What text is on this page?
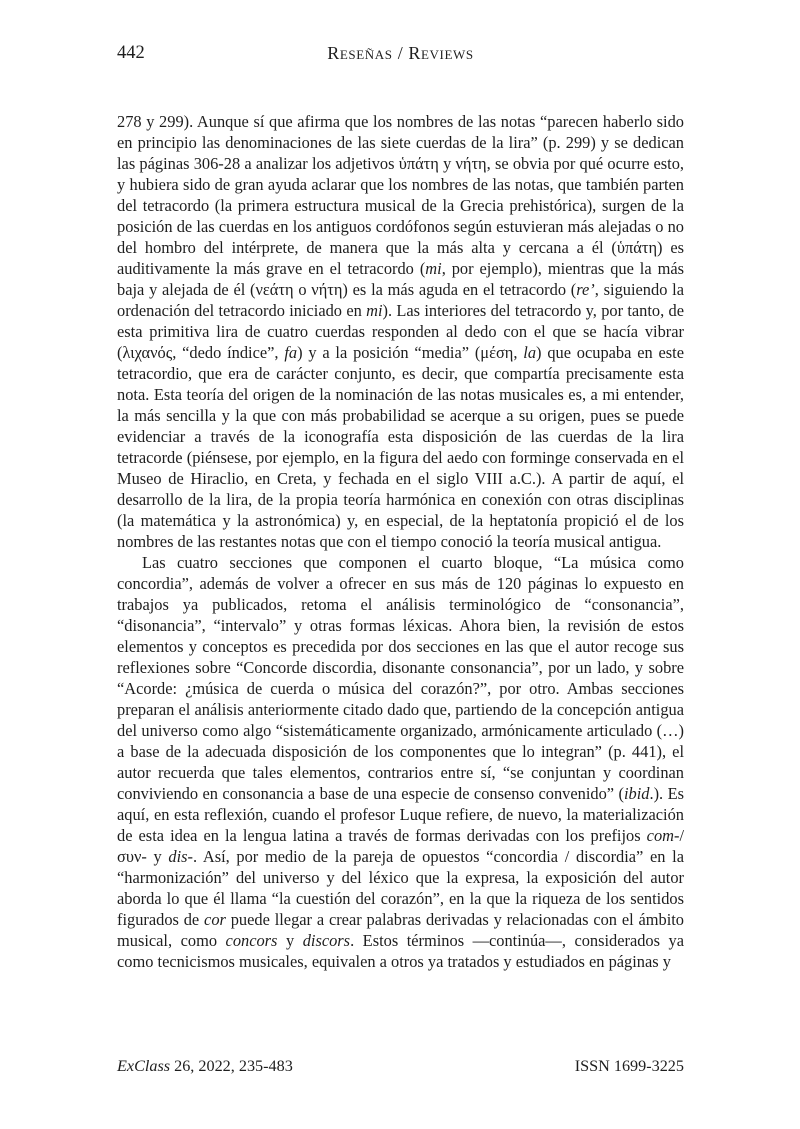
442	Reseñas / Reviews

278 y 299). Aunque sí que afirma que los nombres de las notas “parecen haberlo sido en principio las denominaciones de las siete cuerdas de la lira” (p. 299) y se dedican las páginas 306-28 a analizar los adjetivos ὑπάτη y νήτη, se obvia por qué ocurre esto, y hubiera sido de gran ayuda aclarar que los nombres de las notas, que también parten del tetracordo (la primera estructura musical de la Grecia prehistórica), surgen de la posición de las cuerdas en los antiguos cordófonos según estuvieran más alejadas o no del hombro del intérprete, de manera que la más alta y cercana a él (ὑπάτη) es auditivamente la más grave en el tetracordo (mi, por ejemplo), mientras que la más baja y alejada de él (νεάτη o νήτη) es la más aguda en el tetracordo (re’, siguiendo la ordenación del tetracordo iniciado en mi). Las interiores del tetracordo y, por tanto, de esta primitiva lira de cuatro cuerdas responden al dedo con el que se hacía vibrar (λιχανός, “dedo índice”, fa) y a la posición “media” (μέση, la) que ocupaba en este tetracordio, que era de carácter conjunto, es decir, que compartía precisamente esta nota. Esta teoría del origen de la nominación de las notas musicales es, a mi entender, la más sencilla y la que con más probabilidad se acerque a su origen, pues se puede evidenciar a través de la iconografía esta disposición de las cuerdas de la lira tetracorde (piénsese, por ejemplo, en la figura del aedo con forminge conservada en el Museo de Hiraclio, en Creta, y fechada en el siglo VIII a.C.). A partir de aquí, el desarrollo de la lira, de la propia teoría harmónica en conexión con otras disciplinas (la matemática y la astronómica) y, en especial, de la heptatonía propició el de los nombres de las restantes notas que con el tiempo conoció la teoría musical antigua.

Las cuatro secciones que componen el cuarto bloque, “La música como concordia”, además de volver a ofrecer en sus más de 120 páginas lo expuesto en trabajos ya publicados, retoma el análisis terminológico de “consonancia”, “disonancia”, “intervalo” y otras formas léxicas. Ahora bien, la revisión de estos elementos y conceptos es precedida por dos secciones en las que el autor recoge sus reflexiones sobre “Concorde discordia, disonante consonancia”, por un lado, y sobre “Acorde: ¿música de cuerda o música del corazón?”, por otro. Ambas secciones preparan el análisis anteriormente citado dado que, partiendo de la concepción antigua del universo como algo “sistemáticamente organizado, armónicamente articulado (…) a base de la adecuada disposición de los componentes que lo integran” (p. 441), el autor recuerda que tales elementos, contrarios entre sí, “se conjuntan y coordinan conviviendo en consonancia a base de una especie de consenso convenido” (ibid.). Es aquí, en esta reflexión, cuando el profesor Luque refiere, de nuevo, la materialización de esta idea en la lengua latina a través de formas derivadas con los prefijos com-/συν- y dis-. Así, por medio de la pareja de opuestos “concordia / discordia” en la “harmonización” del universo y del léxico que la expresa, la exposición del autor aborda lo que él llama “la cuestión del corazón”, en la que la riqueza de los sentidos figurados de cor puede llegar a crear palabras derivadas y relacionadas con el ámbito musical, como concors y discors. Estos términos —continúa—, considerados ya como tecnicismos musicales, equivalen a otros ya tratados y estudiados en páginas y

ExClass 26, 2022, 235-483	ISSN 1699-3225
